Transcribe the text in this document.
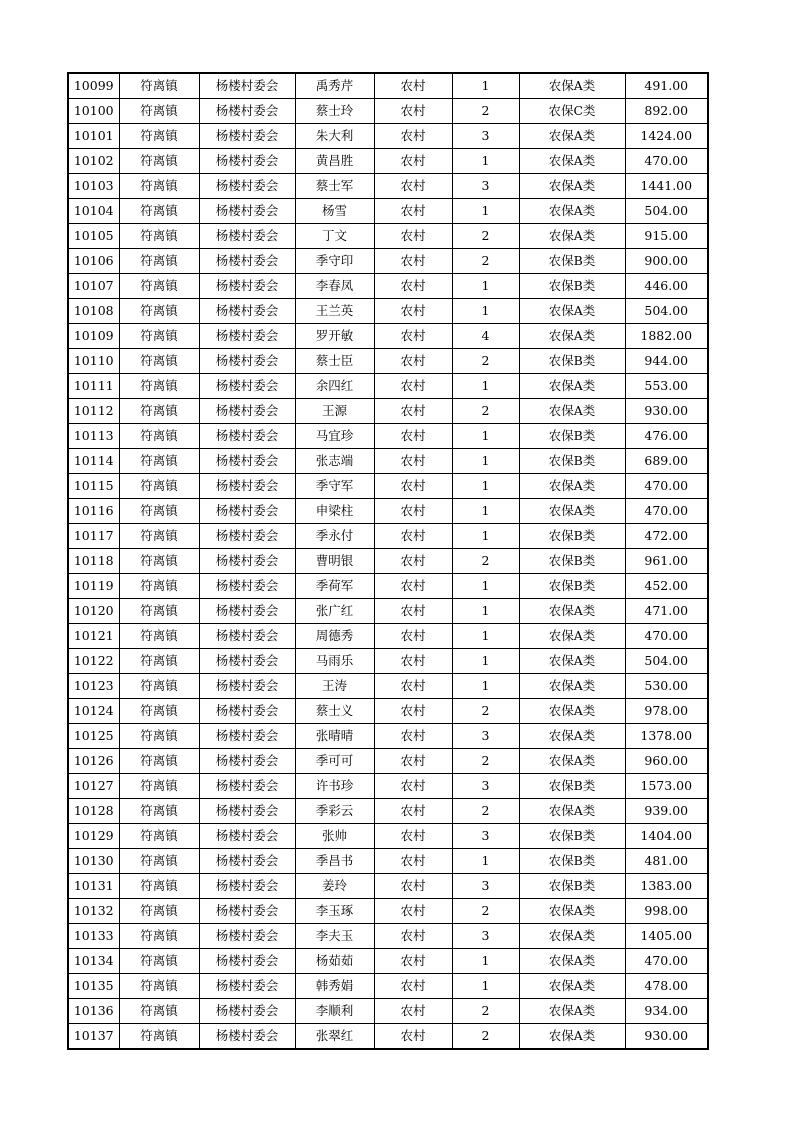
10099	符离镇	杨楼村委会	禹秀芹	农村	1	农保A类	491.00
10100	符离镇	杨楼村委会	蔡士玲	农村	2	农保C类	892.00
10101	符离镇	杨楼村委会	朱大利	农村	3	农保A类	1424.00
10102	符离镇	杨楼村委会	黄昌胜	农村	1	农保A类	470.00
10103	符离镇	杨楼村委会	蔡士军	农村	3	农保A类	1441.00
10104	符离镇	杨楼村委会	杨雪	农村	1	农保A类	504.00
10105	符离镇	杨楼村委会	丁文	农村	2	农保A类	915.00
10106	符离镇	杨楼村委会	季守印	农村	2	农保B类	900.00
10107	符离镇	杨楼村委会	李春凤	农村	1	农保B类	446.00
10108	符离镇	杨楼村委会	王兰英	农村	1	农保A类	504.00
10109	符离镇	杨楼村委会	罗开敏	农村	4	农保A类	1882.00
10110	符离镇	杨楼村委会	蔡士臣	农村	2	农保B类	944.00
10111	符离镇	杨楼村委会	余四红	农村	1	农保A类	553.00
10112	符离镇	杨楼村委会	王源	农村	2	农保A类	930.00
10113	符离镇	杨楼村委会	马宜珍	农村	1	农保B类	476.00
10114	符离镇	杨楼村委会	张志端	农村	1	农保B类	689.00
10115	符离镇	杨楼村委会	季守军	农村	1	农保A类	470.00
10116	符离镇	杨楼村委会	申梁柱	农村	1	农保A类	470.00
10117	符离镇	杨楼村委会	季永付	农村	1	农保B类	472.00
10118	符离镇	杨楼村委会	曹明银	农村	2	农保B类	961.00
10119	符离镇	杨楼村委会	季荷军	农村	1	农保B类	452.00
10120	符离镇	杨楼村委会	张广红	农村	1	农保A类	471.00
10121	符离镇	杨楼村委会	周德秀	农村	1	农保A类	470.00
10122	符离镇	杨楼村委会	马雨乐	农村	1	农保A类	504.00
10123	符离镇	杨楼村委会	王涛	农村	1	农保A类	530.00
10124	符离镇	杨楼村委会	蔡士义	农村	2	农保A类	978.00
10125	符离镇	杨楼村委会	张晴晴	农村	3	农保A类	1378.00
10126	符离镇	杨楼村委会	季可可	农村	2	农保A类	960.00
10127	符离镇	杨楼村委会	许书珍	农村	3	农保B类	1573.00
10128	符离镇	杨楼村委会	季彩云	农村	2	农保A类	939.00
10129	符离镇	杨楼村委会	张帅	农村	3	农保B类	1404.00
10130	符离镇	杨楼村委会	季昌书	农村	1	农保B类	481.00
10131	符离镇	杨楼村委会	姜玲	农村	3	农保B类	1383.00
10132	符离镇	杨楼村委会	李玉琢	农村	2	农保A类	998.00
10133	符离镇	杨楼村委会	李夫玉	农村	3	农保A类	1405.00
10134	符离镇	杨楼村委会	杨茹茹	农村	1	农保A类	470.00
10135	符离镇	杨楼村委会	韩秀娟	农村	1	农保A类	478.00
10136	符离镇	杨楼村委会	李顺利	农村	2	农保A类	934.00
10137	符离镇	杨楼村委会	张翠红	农村	2	农保A类	930.00
